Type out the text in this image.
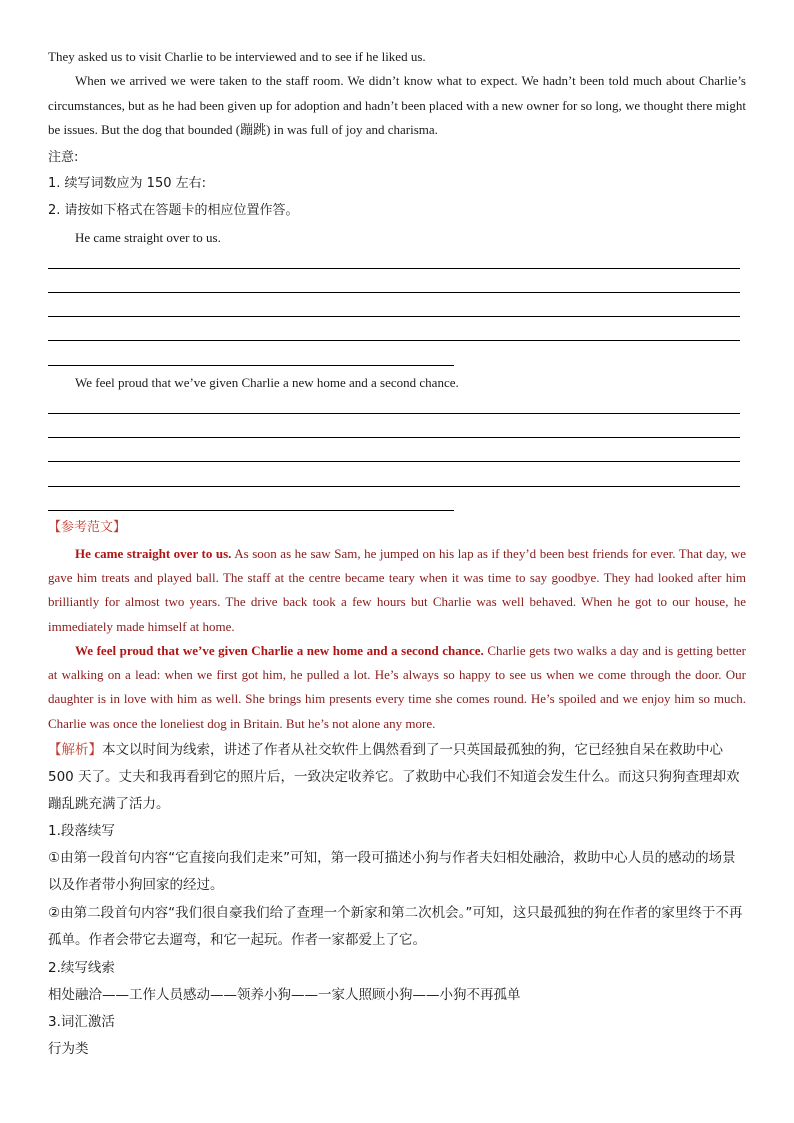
They asked us to visit Charlie to be interviewed and to see if he liked us.

When we arrived we were taken to the staff room. We didn’t know what to expect. We hadn’t been told much about Charlie’s circumstances, but as he had been given up for adoption and hadn’t been placed with a new owner for so long, we thought there might be issues. But the dog that bounded (蹦跳) in was full of joy and charisma.

注意:

1. 续写词数应为 150 左右:

2. 请按如下格式在答题卡的相应位置作答。

He came straight over to us.

We feel proud that we’ve given Charlie a new home and a second chance.

【参考范文】

He came straight over to us. As soon as he saw Sam, he jumped on his lap as if they’d been best friends for ever. That day, we gave him treats and played ball. The staff at the centre became teary when it was time to say goodbye. They had looked after him brilliantly for almost two years. The drive back took a few hours but Charlie was well behaved. When he got to our house, he immediately made himself at home.

We feel proud that we’ve given Charlie a new home and a second chance. Charlie gets two walks a day and is getting better at walking on a lead: when we first got him, he pulled a lot. He’s always so happy to see us when we come through the door. Our daughter is in love with him as well. She brings him presents every time she comes round. He’s spoiled and we enjoy him so much. Charlie was once the loneliest dog in Britain. But he’s not alone any more.

【解析】本文以时间为线索，讲述了作者从社交软件上偶然看到了一只英国最孤独的狗，它已经独自呆在救助中心 500 天了。丈夫和我再看到它的照片后，一致决定收养它。了救助中心我们不知道会发生什么。而这只狗狗查理却欢蹦乱跳充满了活力。

1.段落续写

①由第一段首句内容“它直接向我们走来”可知，第一段可描述小狗与作者夫妇相处融洽，救助中心人员的感动的场景以及作者带小狗回家的经过。

②由第二段首句内容“我们很自豪我们给了查理一个新家和第二次机会。”可知，这只最孤独的狗在作者的家里终于不再孤单。作者会带它去遛弯，和它一起玩。作者一家都爱上了它。

2.续写线索

相处融洽——工作人员感动——领养小狗——一家人照顾小狗——小狗不再孤单

3.词汇激活

行为类
